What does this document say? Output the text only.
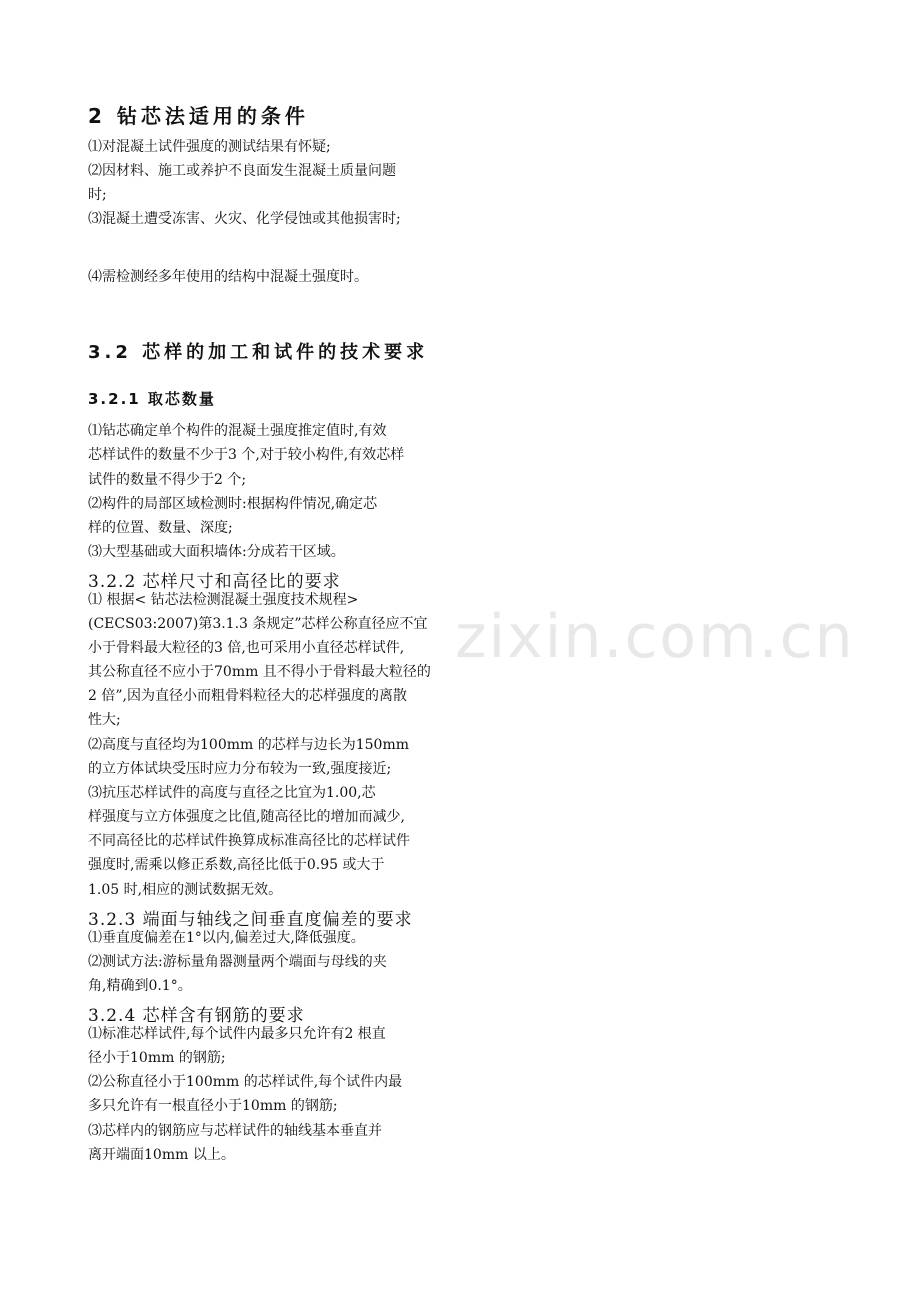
2 钻芯法适用的条件
⑴对混凝土试件强度的测试结果有怀疑;
⑵因材料、施工或养护不良面发生混凝土质量问题
时;
⑶混凝土遭受冻害、火灾、化学侵蚀或其他损害时;
⑷需检测经多年使用的结构中混凝土强度时。
3.2 芯样的加工和试件的技术要求
3.2.1 取芯数量
⑴钻芯确定单个构件的混凝土强度推定值时,有效
芯样试件的数量不少于3 个,对于较小构件,有效芯样
试件的数量不得少于2 个;
⑵构件的局部区域检测时:根据构件情况,确定芯
样的位置、数量、深度;
⑶大型基础或大面积墙体:分成若干区域。
3.2.2 芯样尺寸和高径比的要求
⑴ 根据< 钻芯法检测混凝土强度技术规程>
(CECS03:2007)第3.1.3 条规定”芯样公称直径应不宜
小于骨料最大粒径的3 倍,也可采用小直径芯样试件,
其公称直径不应小于70mm 且不得小于骨料最大粒径的
2 倍”,因为直径小而粗骨料粒径大的芯样强度的离散
性大;
⑵高度与直径均为100mm 的芯样与边长为150mm
的立方体试块受压时应力分布较为一致,强度接近;
⑶抗压芯样试件的高度与直径之比宜为1.00,芯
样强度与立方体强度之比值,随高径比的增加而减少,
不同高径比的芯样试件换算成标准高径比的芯样试件
强度时,需乘以修正系数,高径比低于0.95 或大于
1.05 时,相应的测试数据无效。
3.2.3 端面与轴线之间垂直度偏差的要求
⑴垂直度偏差在1°以内,偏差过大,降低强度。
⑵测试方法:游标量角器测量两个端面与母线的夹
角,精确到0.1°。
3.2.4 芯样含有钢筋的要求
⑴标准芯样试件,每个试件内最多只允许有2 根直
径小于10mm 的钢筋;
⑵公称直径小于100mm 的芯样试件,每个试件内最
多只允许有一根直径小于10mm 的钢筋;
⑶芯样内的钢筋应与芯样试件的轴线基本垂直并
离开端面10mm 以上。
zixin.com.cn
